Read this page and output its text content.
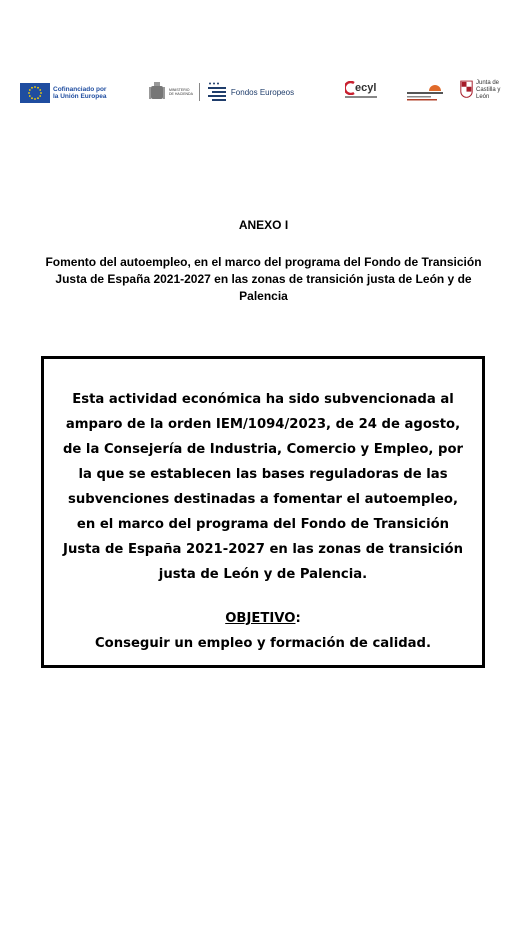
Cofinanciado por
la Unión Europea
MINISTERIO
DE HACIENDA	Fondos Europeos	ecyl	Junta de
Castilla y León
ANEXO I
Fomento del autoempleo, en el marco del programa del Fondo de Transición Justa de España 2021-2027 en las zonas de transición justa de León y de Palencia
Esta actividad económica ha sido subvencionada al amparo de la orden IEM/1094/2023, de 24 de agosto, de la Consejería de Industria, Comercio y Empleo, por la que se establecen las bases reguladoras de las subvenciones destinadas a fomentar el autoempleo, en el marco del programa del Fondo de Transición Justa de España 2021-2027 en las zonas de transición justa de León y de Palencia.
OBJETIVO:
Conseguir un empleo y formación de calidad.
